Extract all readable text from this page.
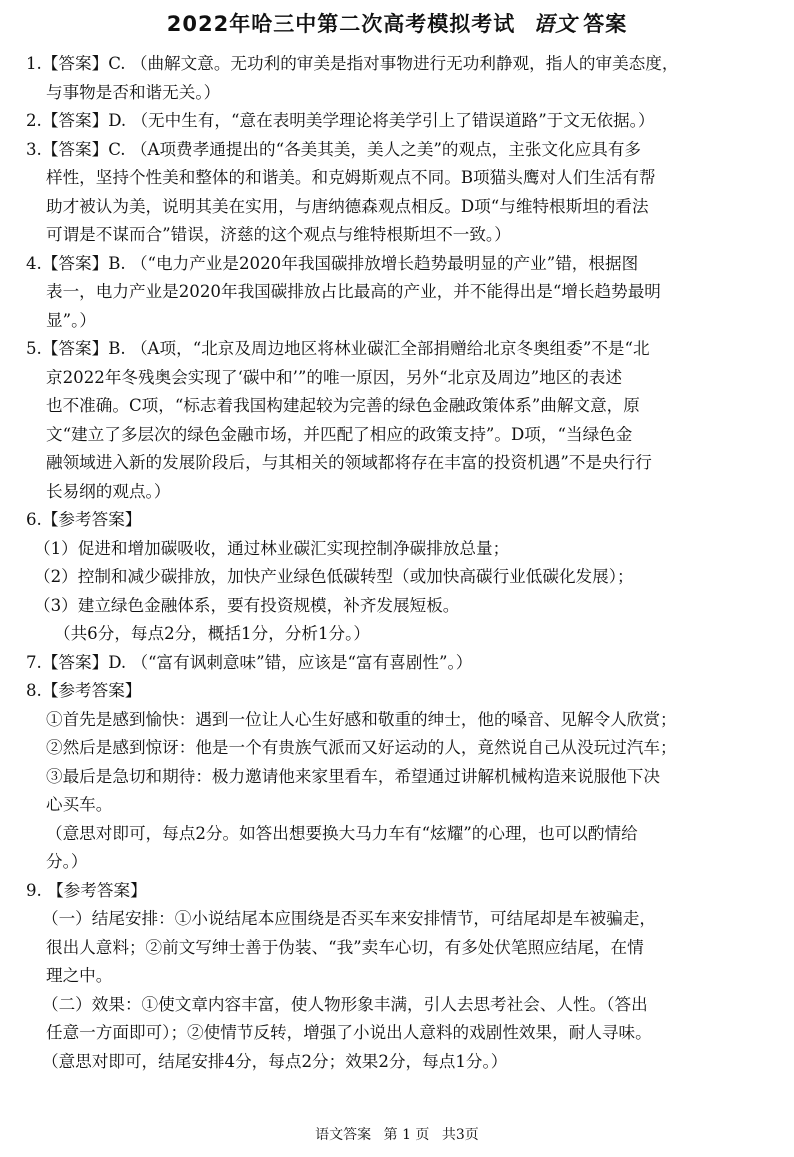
2022年哈三中第二次高考模拟考试 语文 答案
1.【答案】C. （曲解文意。无功利的审美是指对事物进行无功利静观，指人的审美态度，
与事物是否和谐无关。）
2.【答案】D. （无中生有，“意在表明美学理论将美学引上了错误道路”于文无依据。）
3.【答案】C. （A项费孝通提出的“各美其美，美人之美”的观点，主张文化应具有多
样性，坚持个性美和整体的和谐美。和克姆斯观点不同。B项猫头鹰对人们生活有帮
助才被认为美，说明其美在实用，与唐纳德森观点相反。D项“与维特根斯坦的看法
可谓是不谋而合”错误，济慈的这个观点与维特根斯坦不一致。）
4.【答案】B. （“电力产业是2020年我国碳排放增长趋势最明显的产业”错，根据图
表一，电力产业是2020年我国碳排放占比最高的产业，并不能得出是“增长趋势最明
显”。）
5.【答案】B. （A项，“北京及周边地区将林业碳汇全部捐赠给北京冬奥组委”不是“北
京2022年冬残奥会实现了‘碳中和’”的唯一原因，另外“北京及周边”地区的表述
也不准确。C项，“标志着我国构建起较为完善的绿色金融政策体系”曲解文意，原
文“建立了多层次的绿色金融市场，并匹配了相应的政策支持”。D项，“当绿色金
融领域进入新的发展阶段后，与其相关的领域都将存在丰富的投资机遇”不是央行行
长易纲的观点。）
6.【参考答案】
（1）促进和增加碳吸收，通过林业碳汇实现控制净碳排放总量；
（2）控制和减少碳排放，加快产业绿色低碳转型（或加快高碳行业低碳化发展）；
（3）建立绿色金融体系，要有投资规模，补齐发展短板。
（共6分，每点2分，概括1分，分析1分。）
7.【答案】D. （“富有讽刺意味”错，应该是“富有喜剧性”。）
8.【参考答案】
①首先是感到愉快：遇到一位让人心生好感和敬重的绅士，他的嗓音、见解令人欣赏；
②然后是感到惊讶：他是一个有贵族气派而又好运动的人，竟然说自己从没玩过汽车；
③最后是急切和期待：极力邀请他来家里看车，希望通过讲解机械构造来说服他下决
心买车。
（意思对即可，每点2分。如答出想要换大马力车有“炫耀”的心理，也可以酌情给
分。）
9. 【参考答案】
（一）结尾安排：①小说结尾本应围绕是否买车来安排情节，可结尾却是车被骗走，
很出人意料；②前文写绅士善于伪装、“我”卖车心切，有多处伏笔照应结尾，在情
理之中。
（二）效果：①使文章内容丰富，使人物形象丰满，引人去思考社会、人性。（答出
任意一方面即可）；②使情节反转，增强了小说出人意料的戏剧性效果，耐人寻味。
（意思对即可，结尾安排4分，每点2分；效果2分，每点1分。）
语文答案 第 1 页 共3页
